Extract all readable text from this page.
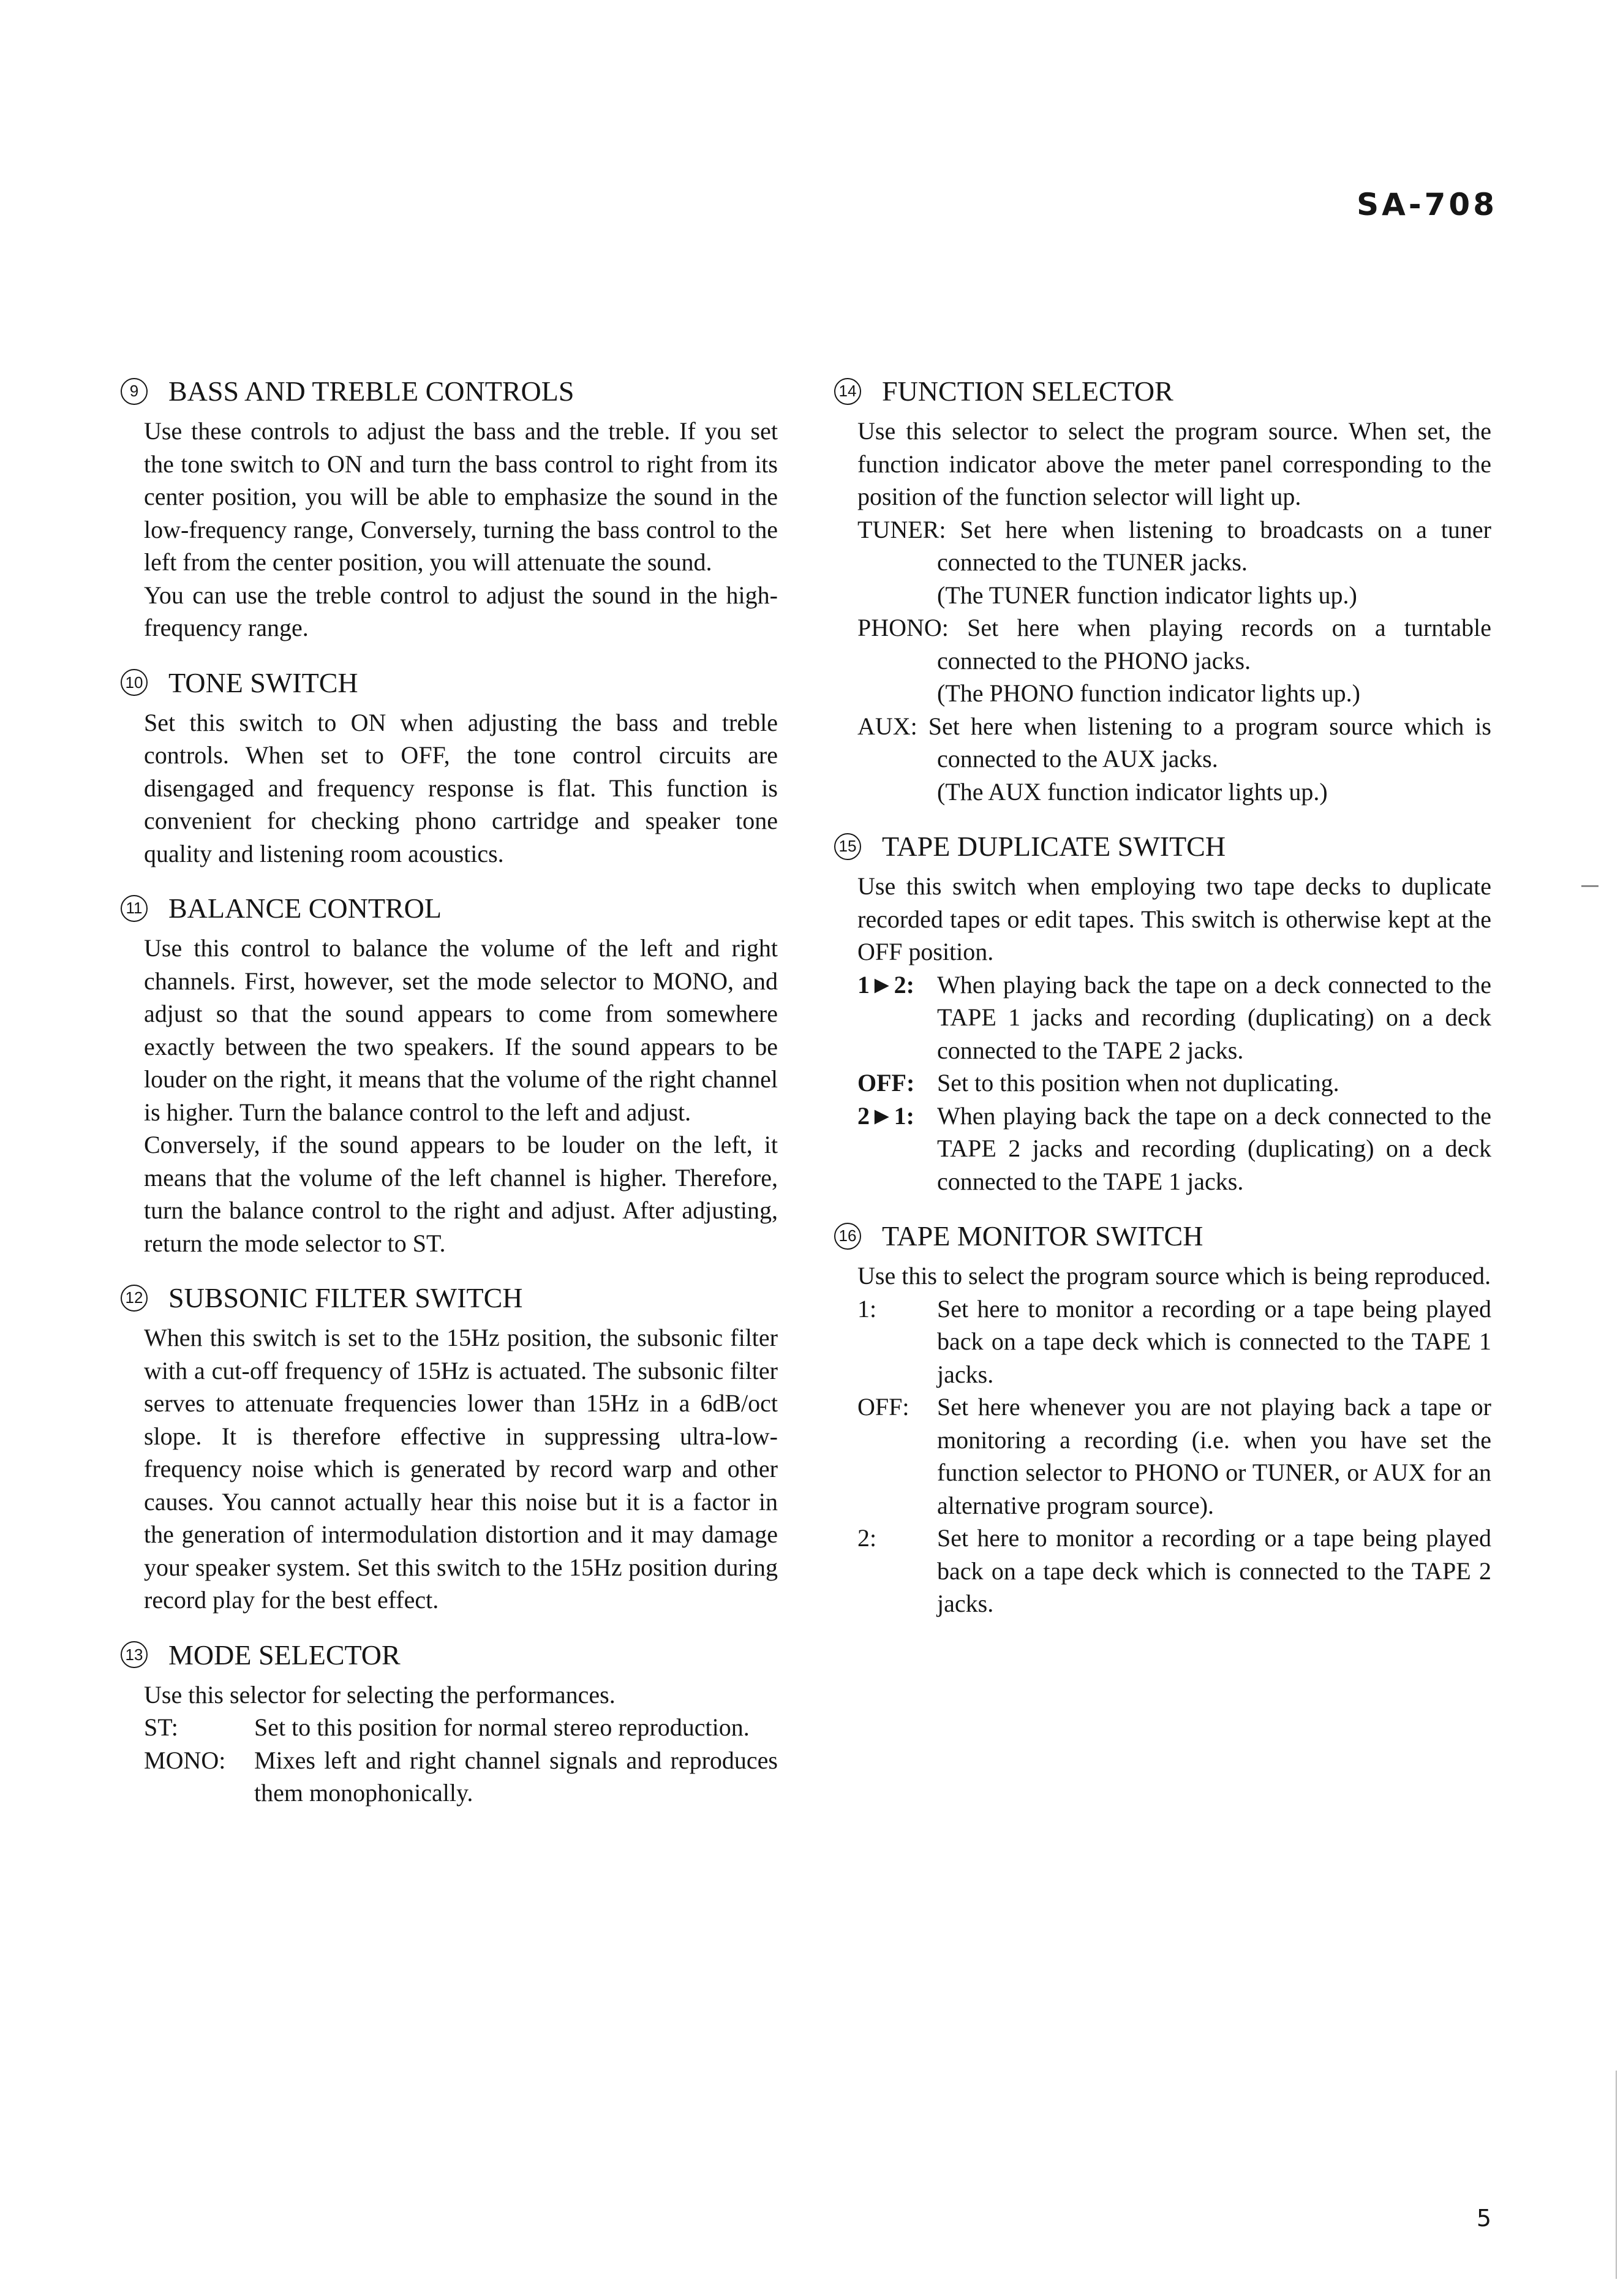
SA-708
9	BASS AND TREBLE CONTROLS

Use these controls to adjust the bass and the treble. If you set the tone switch to ON and turn the bass control to right from its center position, you will be able to emphasize the sound in the low-frequency range, Conversely, turning the bass control to the left from the center position, you will attenuate the sound.

You can use the treble control to adjust the sound in the high-frequency range.

10 TONE SWITCH

Set this switch to ON when adjusting the bass and treble controls. When set to OFF, the tone control circuits are disengaged and frequency response is flat. This function is convenient for checking phono cartridge and speaker tone quality and listening room acoustics.

11 BALANCE CONTROL

Use this control to balance the volume of the left and right channels. First, however, set the mode selector to MONO, and adjust so that the sound appears to come from somewhere exactly between the two speakers. If the sound appears to be louder on the right, it means that the volume of the right channel is higher. Turn the balance control to the left and adjust.

Conversely, if the sound appears to be louder on the left, it means that the volume of the left channel is higher. Therefore, turn the balance control to the right and adjust. After adjusting, return the mode selector to ST.

12 SUBSONIC FILTER SWITCH

When this switch is set to the 15Hz position, the subsonic filter with a cut-off frequency of 15Hz is actuated. The subsonic filter serves to attenuate frequencies lower than 15Hz in a 6dB/oct slope. It is therefore effective in suppressing ultra-low-frequency noise which is generated by record warp and other causes. You cannot actually hear this noise but it is a factor in the generation of intermodulation distortion and it may damage your speaker system. Set this switch to the 15Hz position during record play for the best effect.

13 MODE SELECTOR

Use this selector for selecting the performances.

ST:	Set to this position for normal stereo reproduction.
MONO:	Mixes left and right channel signals and reproduces them monophonically.
14 FUNCTION SELECTOR

Use this selector to select the program source. When set, the function indicator above the meter panel corresponding to the position of the function selector will light up.

TUNER: Set here when listening to broadcasts on a tuner connected to the TUNER jacks.
(The TUNER function indicator lights up.)
PHONO: Set here when playing records on a turntable connected to the PHONO jacks.
(The PHONO function indicator lights up.)
AUX: Set here when listening to a program source which is connected to the AUX jacks.
(The AUX function indicator lights up.)
15 TAPE DUPLICATE SWITCH

Use this switch when employing two tape decks to duplicate recorded tapes or edit tapes. This switch is otherwise kept at the OFF position.

1►2: When playing back the tape on a deck connected to the TAPE 1 jacks and recording (duplicating) on a deck connected to the TAPE 2 jacks.
OFF: Set to this position when not duplicating.
2►1: When playing back the tape on a deck connected to the TAPE 2 jacks and recording (duplicating) on a deck connected to the TAPE 1 jacks.
16 TAPE MONITOR SWITCH

Use this to select the program source which is being reproduced.

1:	Set here to monitor a recording or a tape being played back on a tape deck which is connected to the TAPE 1 jacks.
OFF:	Set here whenever you are not playing back a tape or monitoring a recording (i.e. when you have set the function selector to PHONO or TUNER, or AUX for an alternative program source).
2:	Set here to monitor a recording or a tape being played back on a tape deck which is connected to the TAPE 2 jacks.
5
